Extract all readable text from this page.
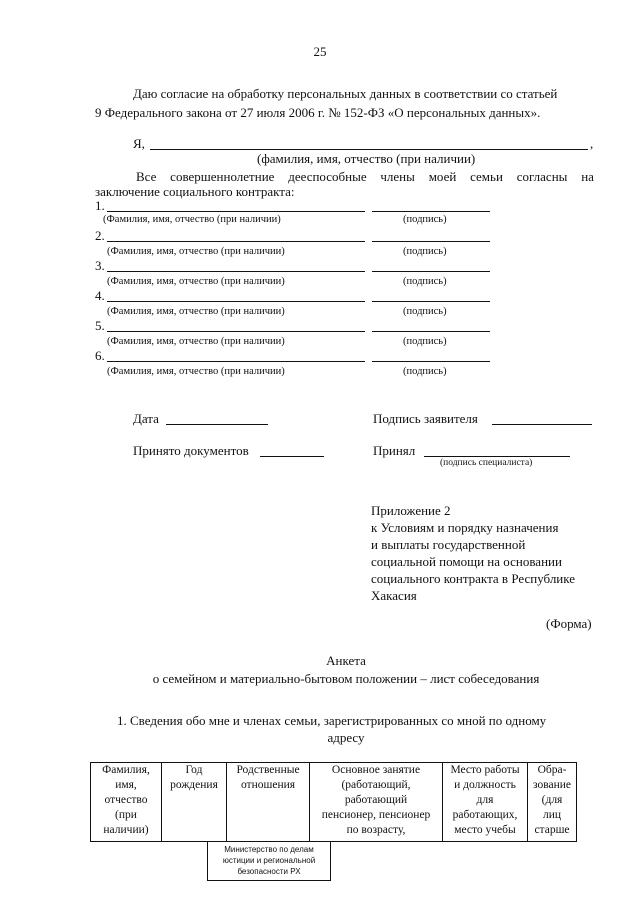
25
Даю согласие на обработку персональных данных в соответствии со статьей
9 Федерального закона от 27 июля 2006 г. № 152-ФЗ «О персональных данных».
Я,	,
(фамилия, имя, отчество (при наличии)
Все совершеннолетние дееспособные члены моей семьи согласны на
заключение социального контракта:
1.
(Фамилия, имя, отчество (при наличии)	(подпись)
2.
(Фамилия, имя, отчество (при наличии)	(подпись)
3.
(Фамилия, имя, отчество (при наличии)	(подпись)
4.
(Фамилия, имя, отчество (при наличии)	(подпись)
5.
(Фамилия, имя, отчество (при наличии)	(подпись)
6.
(Фамилия, имя, отчество (при наличии)	(подпись)
Дата	Подпись заявителя
Принято документов	Принял
(подпись специалиста)
Приложение 2
к Условиям и порядку назначения
и выплаты государственной
социальной помощи на основании
социального контракта в Республике
Хакасия
(Форма)
Анкета
о семейном и материально-бытовом положении – лист собеседования
1. Сведения обо мне и членах семьи, зарегистрированных со мной по одному
адресу
Фамилия,
имя,
отчество
(при
наличии)

Год
рождения

Родственные
отношения

Основное занятие
(работающий,
работающий
пенсионер, пенсионер
по возрасту,

Место работы
и должность
для
работающих,
место учебы

Обра-
зование
(для
лиц
старше
Министерство по делам
юстиции и региональной
безопасности РХ
